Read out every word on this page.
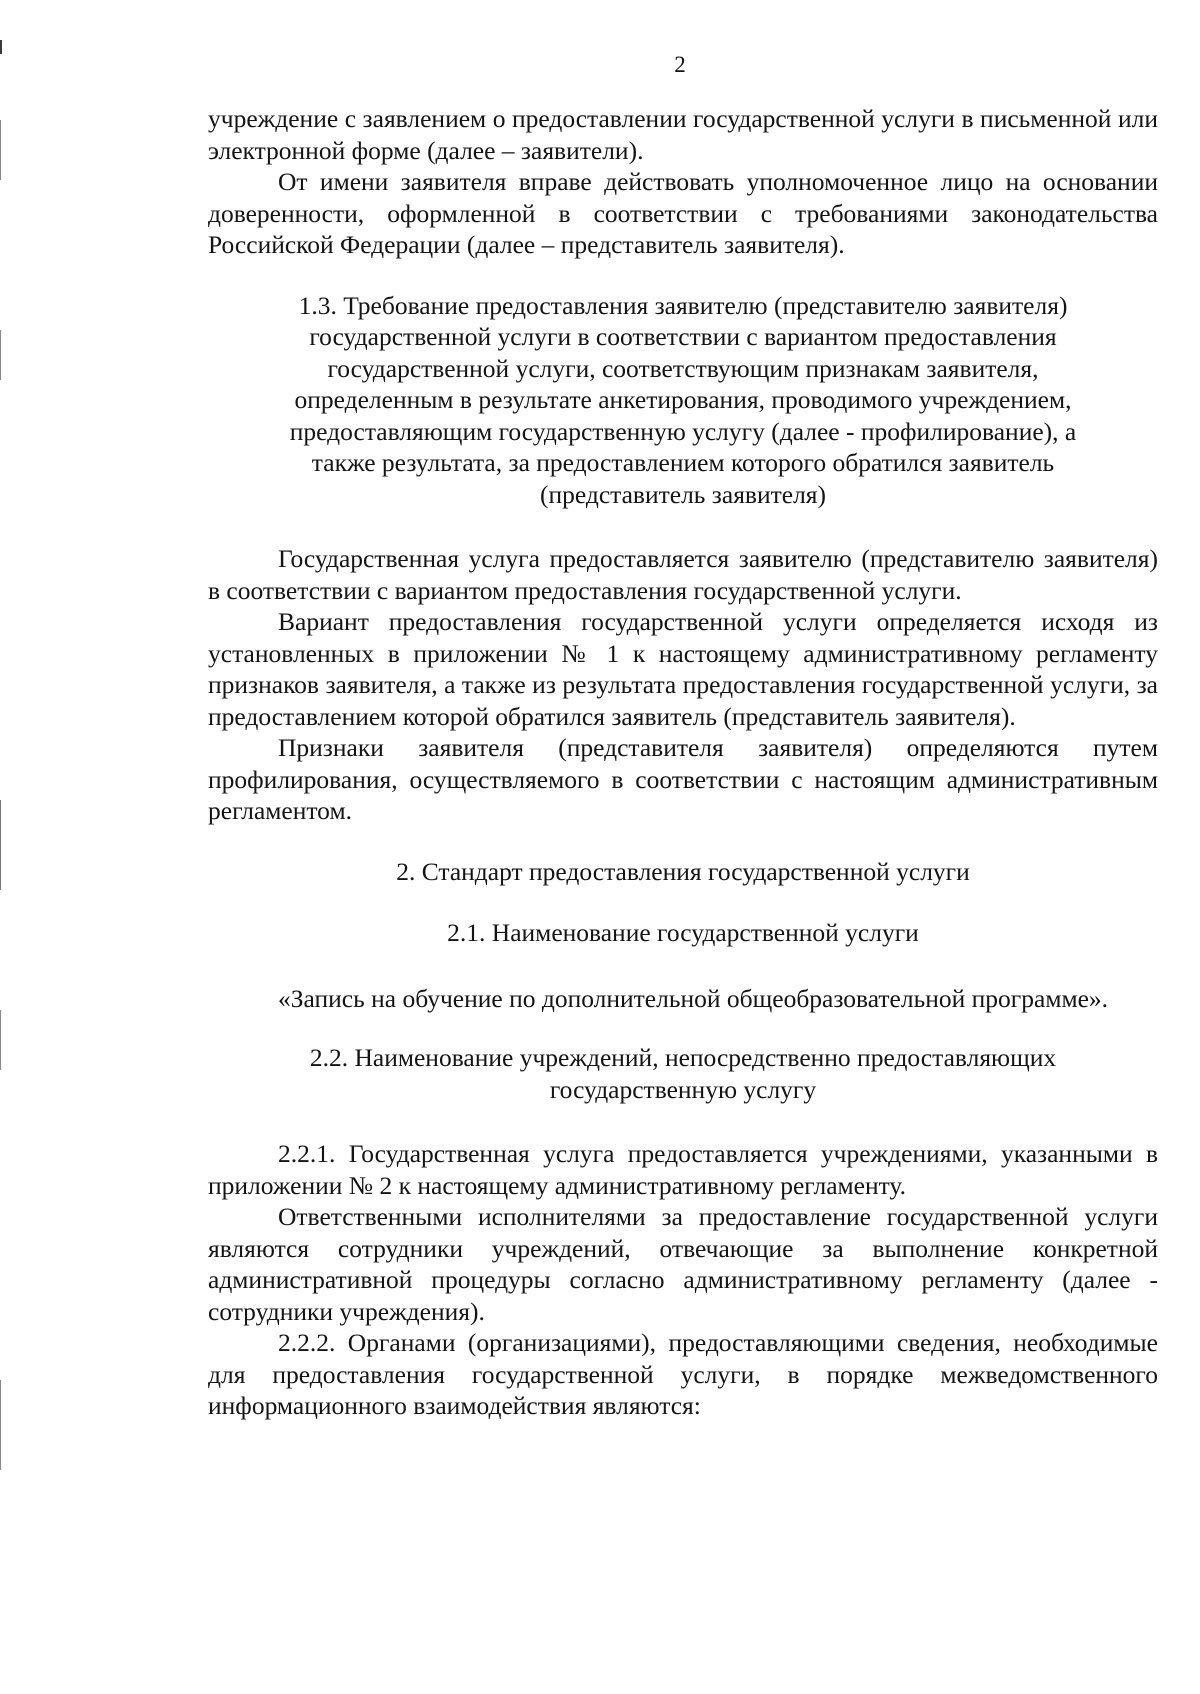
2

учреждение с заявлением о предоставлении государственной услуги в письменной или электронной форме (далее – заявители).

От имени заявителя вправе действовать уполномоченное лицо на основании доверенности, оформленной в соответствии с требованиями законодательства Российской Федерации (далее – представитель заявителя).

1.3. Требование предоставления заявителю (представителю заявителя) государственной услуги в соответствии с вариантом предоставления государственной услуги, соответствующим признакам заявителя, определенным в результате анкетирования, проводимого учреждением, предоставляющим государственную услугу (далее - профилирование), а также результата, за предоставлением которого обратился заявитель (представитель заявителя)

Государственная услуга предоставляется заявителю (представителю заявителя) в соответствии с вариантом предоставления государственной услуги.

Вариант предоставления государственной услуги определяется исходя из установленных в приложении № 1 к настоящему административному регламенту признаков заявителя, а также из результата предоставления государственной услуги, за предоставлением которой обратился заявитель (представитель заявителя).

Признаки заявителя (представителя заявителя) определяются путем профилирования, осуществляемого в соответствии с настоящим административным регламентом.

2. Стандарт предоставления государственной услуги

2.1. Наименование государственной услуги

«Запись на обучение по дополнительной общеобразовательной программе».

2.2. Наименование учреждений, непосредственно предоставляющих государственную услугу

2.2.1. Государственная услуга предоставляется учреждениями, указанными в приложении № 2 к настоящему административному регламенту.

Ответственными исполнителями за предоставление государственной услуги являются сотрудники учреждений, отвечающие за выполнение конкретной административной процедуры согласно административному регламенту (далее - сотрудники учреждения).

2.2.2. Органами (организациями), предоставляющими сведения, необходимые для предоставления государственной услуги, в порядке межведомственного информационного взаимодействия являются:
